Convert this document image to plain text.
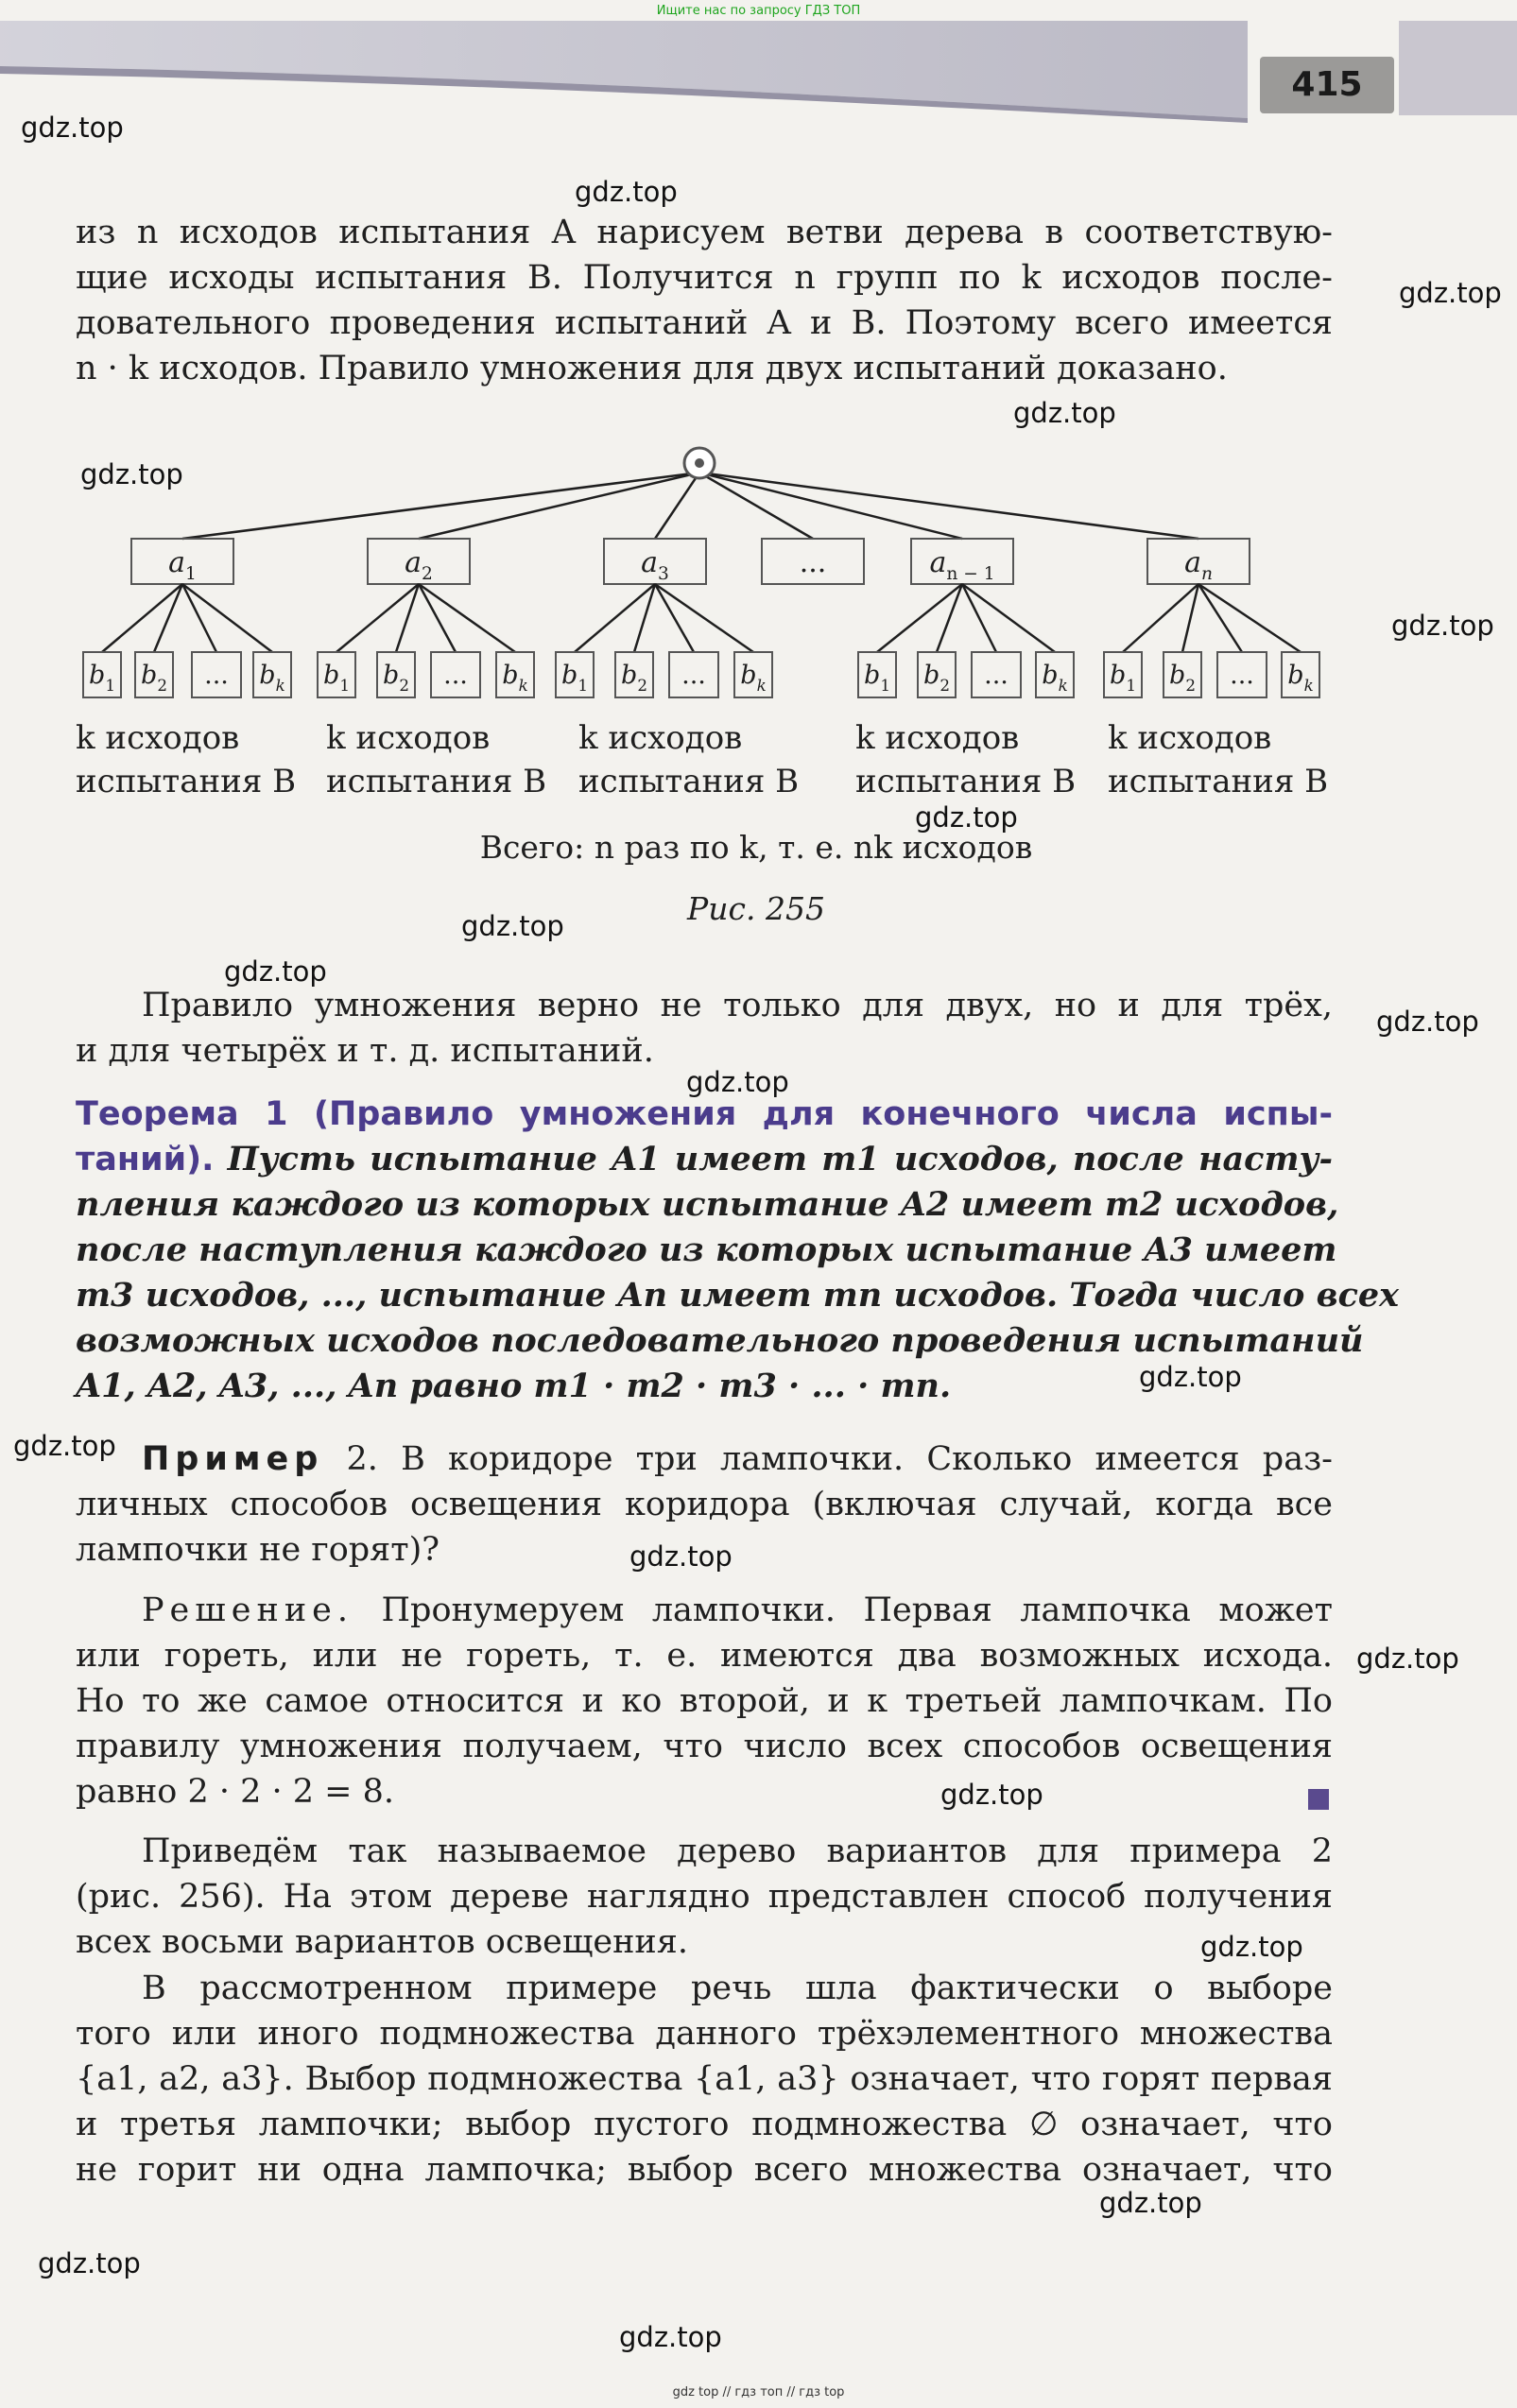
Ищите нас по запросу ГДЗ ТОП
415
из n исходов испытания A нарисуем ветви дерева в соответствую-
щие исходы испытания B. Получится n групп по k исходов после-
довательного проведения испытаний A и B. Поэтому всего имеется
n · k исходов. Правило умножения для двух испытаний доказано.
$a_1$	$a_2$	$a_3$	...	$a_{n - 1}$	$a_n$
$b_1$ $b_2$ ... $b_k$ $b_1$ $b_2$ ... $b_k$ $b_1$ $b_2$ ... $b_k$	$b_1$ $b_2$ ... $b_k$ $b_1$ $b_2$ ... $b_k$
k исходов
испытания B
k исходов
испытания B
k исходов
испытания B
k исходов
испытания B
k исходов
испытания B
Всего: n раз по k, т. е. nk исходов
Рис. 255
Правило умножения верно не только для двух, но и для трёх,
и для четырёх и т. д. испытаний.
Теорема 1 (Правило умножения для конечного числа испы-
таний). Пусть испытание A1 имеет m1 исходов, после насту-
пления каждого из которых испытание A2 имеет m2 исходов,
после наступления каждого из которых испытание A3 имеет
m3 исходов, ..., испытание An имеет mn исходов. Тогда число всех
возможных исходов последовательного проведения испытаний
A1, A2, A3, ..., An равно m1 · m2 · m3 · ... · mn.
Пример 2. В коридоре три лампочки. Сколько имеется раз-
личных способов освещения коридора (включая случай, когда все
лампочки не горят)?
Решение. Пронумеруем лампочки. Первая лампочка может
или гореть, или не гореть, т. е. имеются два возможных исхода.
Но то же самое относится и ко второй, и к третьей лампочкам. По
правилу умножения получаем, что число всех способов освещения
равно 2 · 2 · 2 = 8.
Приведём так называемое дерево вариантов для примера 2
(рис. 256). На этом дереве наглядно представлен способ получения
всех восьми вариантов освещения.
В рассмотренном примере речь шла фактически о выборе
того или иного подмножества данного трёхэлементного множества
{a1, a2, a3}. Выбор подмножества {a1, a3} означает, что горят первая
и третья лампочки; выбор пустого подмножества ∅ означает, что
не горит ни одна лампочка; выбор всего множества означает, что
gdz.top
gdz.top
gdz.top
gdz.top
gdz.top
gdz.top
gdz.top
gdz.top
gdz.top
gdz.top
gdz.top
gdz.top
gdz.top
gdz.top
gdz.top
gdz.top
gdz.top
gdz.top
gdz.top
gdz.top
gdz top // гдз топ // гдз top
